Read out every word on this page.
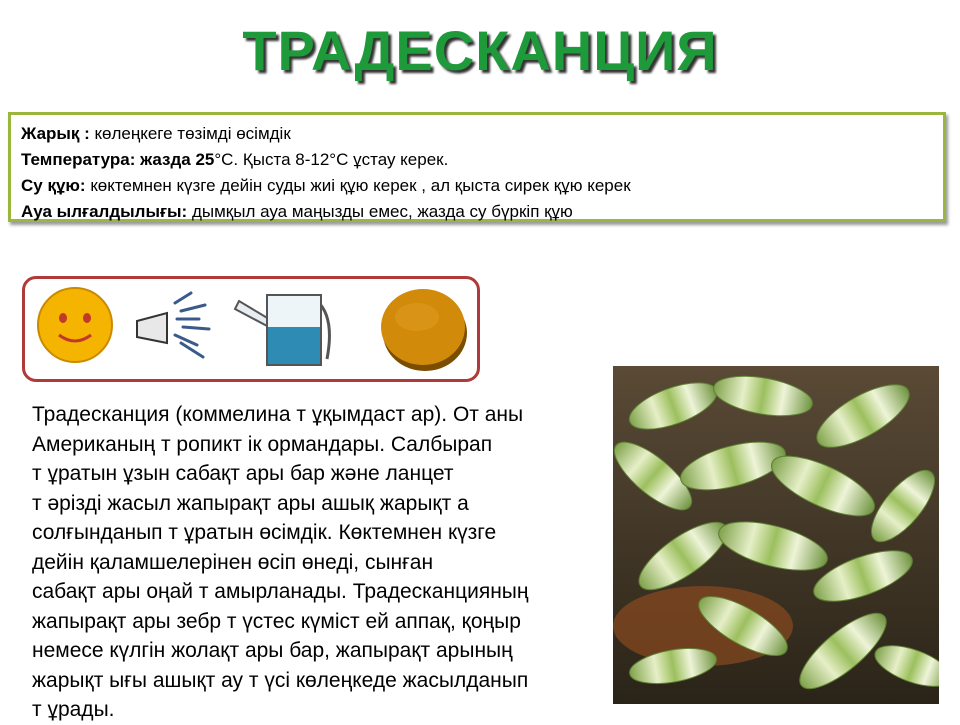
ТРАДЕСКАНЦИЯ
Жарық : көлеңкеге төзімді өсімдік
Температура: жазда 25°С. Қыста 8-12°С ұстау керек.
Су құю: көктемнен күзге дейін суды жиі құю керек , ал қыста сирек құю керек
Ауа ылғалдылығы: дымқыл ауа маңызды емес, жазда су бүркіп құю
Традесканция (коммелина т ұқымдаст ар). От аны
Американың т ропикт ік ормандары. Салбырап
т ұратын ұзын сабақт ары бар және ланцет
т әрізді жасыл жапырақт ары ашық жарықт а
солғынданып т ұратын өсімдік. Көктемнен күзге
дейін қаламшелерінен өсіп өнеді, сынған
сабақт ары оңай т амырланады. Традесканцияның
жапырақт ары зебр т үстес күміст ей аппақ, қоңыр
немесе күлгін жолақт ары бар, жапырақт арының
жарықт ығы ашықт ау т үсі көлеңкеде жасылданып
т ұрады.
